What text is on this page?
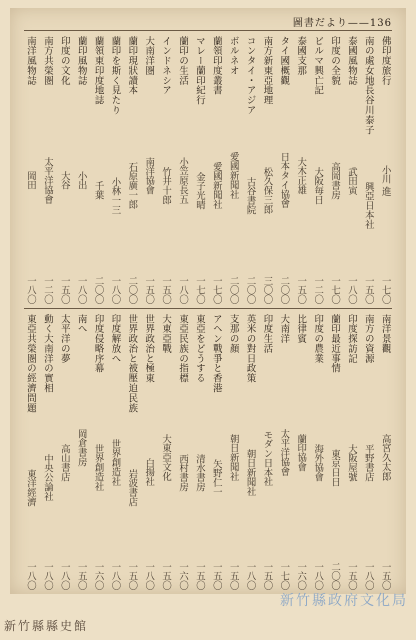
圖書だより——136
佛印度旅行
小川 進
一七〇
南の處女地長谷川泰子
興亞日本社
一五〇
泰國風物誌
武田寅
一八〇
印度の全貌
高岡書房
一七〇
ビルマ興亡記
大阪毎日
一二〇
泰國支那
大木正雄
一五〇
タイ國概觀
日本タイ協會
二〇〇
南方新東亞地理
松久保三郎
三〇〇
コンタイ・アジア
古谷書院
二〇〇
ボルネオ
愛國新聞社
二〇〇
蘭領印度叢書
愛國新聞社
一七〇
マレー蘭印紀行
金子光晴
一七〇
蘭印の生活
小笠原長五
一八〇
インドネシア
竹井十郎
一五〇
大南洋圏
南洋協會
一五〇
蘭印現狀讀本
石原廣一郎
二〇〇
蘭印を斯く見たり
小林一三
一八〇
蘭領東印度地誌
千葉
二〇〇
蘭印風物誌
小出
一八〇
印度の文化
大谷
一五〇
南方共榮圏
太平洋協會
一二〇
南洋風物誌
岡田
一八〇
南洋景觀
高宮久太郎
一五〇
南方の資源
平野書店
一八〇
印度探訪記
大阪屋號
一五〇
蘭印最近事情
東京日日
二〇〇
印度の農業
海外協會
一八〇
比律賓
蘭印協會
一六〇
大南洋
太平洋協會
一七〇
印度生活
モダン日本社
一五〇
英米の對日政策
朝日新聞社
一八〇
支那の顏
朝日新聞社
一五〇
アヘン戰爭と香港
矢野仁一
一五〇
東亞をどうする
清水書房
一五〇
東亞民族の指標
西村書房
一六〇
大東亞戰
大東亞文化
一五〇
世界政治と極東
白揚社
一八〇
世界政治と被壓迫民族
岩波書店
一五〇
印度解放へ
世界創造社
一八〇
印度侵略序幕
世界創造社
一六〇
南へ
岡倉書房
一五〇
太平洋の夢
高山書店
一八〇
動く大南洋の實相
中央公論社
一八〇
東亞共榮圏の經濟問題
東洋經濟
一八〇
新竹縣縣史館
新竹縣政府文化局
